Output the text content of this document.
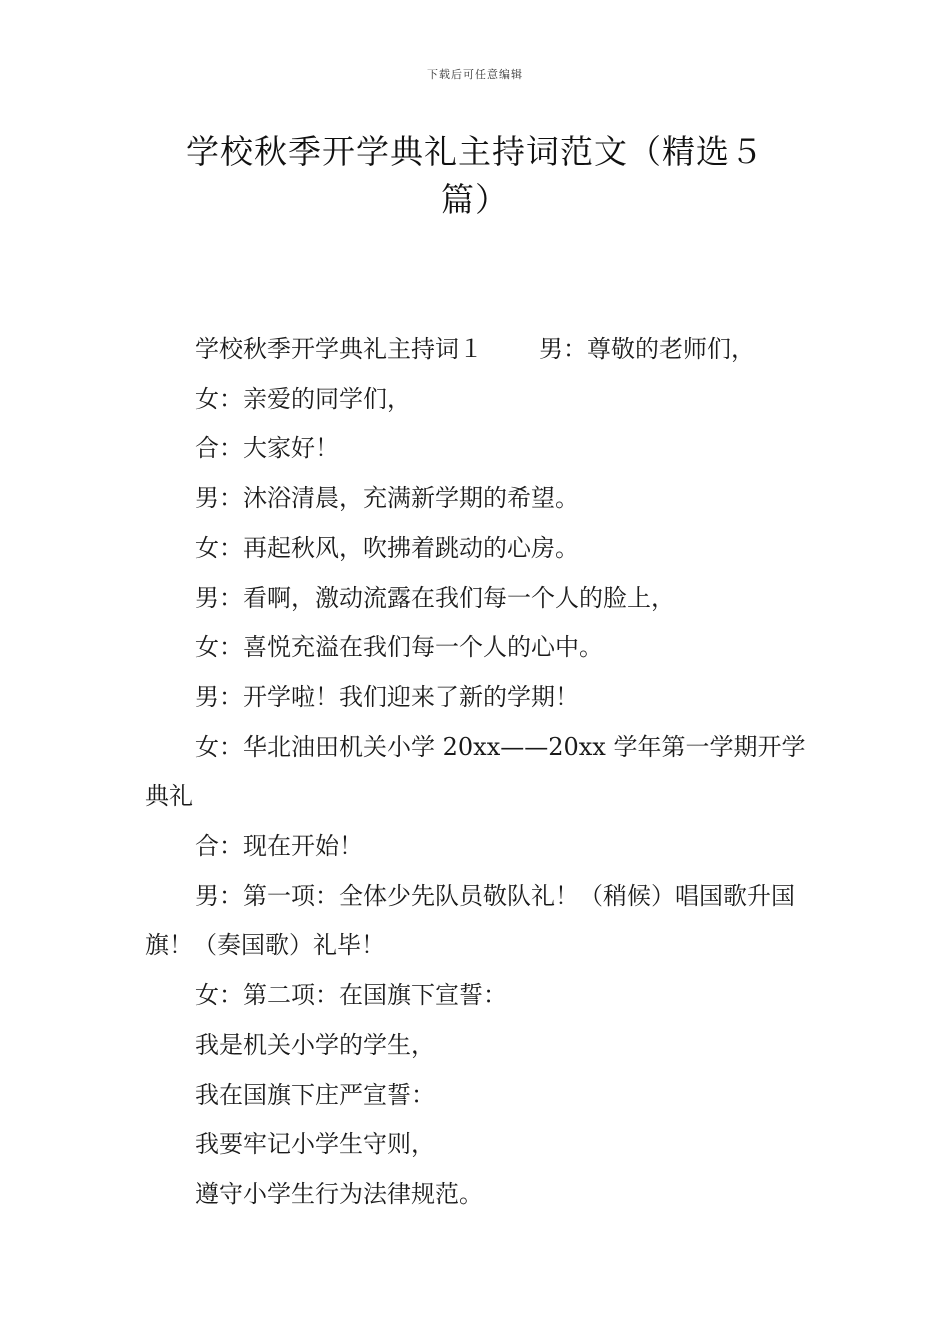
下载后可任意编辑
学校秋季开学典礼主持词范文（精选５
篇）

学校秋季开学典礼主持词１ 男：尊敬的老师们，

女：亲爱的同学们，

合：大家好！

男：沐浴清晨，充满新学期的希望。

女：再起秋风，吹拂着跳动的心房。

男：看啊，激动流露在我们每一个人的脸上，

女：喜悦充溢在我们每一个人的心中。

男：开学啦！我们迎来了新的学期！

女：华北油田机关小学 20xx——20xx 学年第一学期开学典礼

合：现在开始！

男：第一项：全体少先队员敬队礼！（稍候）唱国歌升国旗！（奏国歌）礼毕！

女：第二项：在国旗下宣誓：

我是机关小学的学生，

我在国旗下庄严宣誓：

我要牢记小学生守则，

遵守小学生行为法律规范。
